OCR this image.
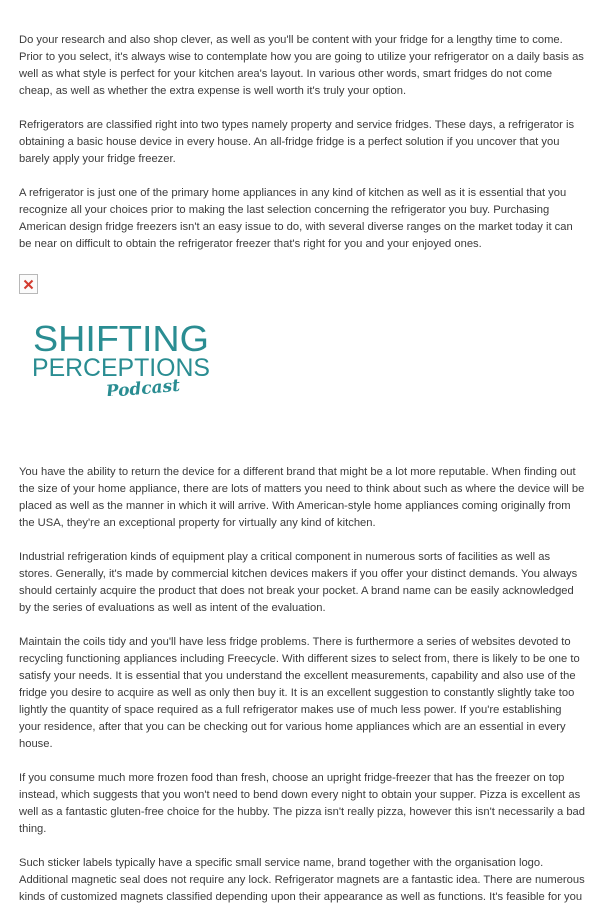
Do your research and also shop clever, as well as you'll be content with your fridge for a lengthy time to come. Prior to you select, it's always wise to contemplate how you are going to utilize your refrigerator on a daily basis as well as what style is perfect for your kitchen area's layout. In various other words, smart fridges do not come cheap, as well as whether the extra expense is well worth it's truly your option.

Refrigerators are classified right into two types namely property and service fridges. These days, a refrigerator is obtaining a basic house device in every house. An all-fridge fridge is a perfect solution if you uncover that you barely apply your fridge freezer.

A refrigerator is just one of the primary home appliances in any kind of kitchen as well as it is essential that you recognize all your choices prior to making the last selection concerning the refrigerator you buy. Purchasing American design fridge freezers isn't an easy issue to do, with several diverse ranges on the market today it can be near on difficult to obtain the refrigerator freezer that's right for you and your enjoyed ones.

SHIFTING
PERCEPTIONS
Podcast

You have the ability to return the device for a different brand that might be a lot more reputable. When finding out the size of your home appliance, there are lots of matters you need to think about such as where the device will be placed as well as the manner in which it will arrive. With American-style home appliances coming originally from the USA, they're an exceptional property for virtually any kind of kitchen.

Industrial refrigeration kinds of equipment play a critical component in numerous sorts of facilities as well as stores. Generally, it's made by commercial kitchen devices makers if you offer your distinct demands. You always should certainly acquire the product that does not break your pocket. A brand name can be easily acknowledged by the series of evaluations as well as intent of the evaluation.

Maintain the coils tidy and you'll have less fridge problems. There is furthermore a series of websites devoted to recycling functioning appliances including Freecycle. With different sizes to select from, there is likely to be one to satisfy your needs. It is essential that you understand the excellent measurements, capability and also use of the fridge you desire to acquire as well as only then buy it. It is an excellent suggestion to constantly slightly take too lightly the quantity of space required as a full refrigerator makes use of much less power. If you're establishing your residence, after that you can be checking out for various home appliances which are an essential in every house.

If you consume much more frozen food than fresh, choose an upright fridge-freezer that has the freezer on top instead, which suggests that you won't need to bend down every night to obtain your supper. Pizza is excellent as well as a fantastic gluten-free choice for the hubby. The pizza isn't really pizza, however this isn't necessarily a bad thing.

Such sticker labels typically have a specific small service name, brand together with the organisation logo. Additional magnetic seal does not require any lock. Refrigerator magnets are a fantastic idea. There are numerous kinds of customized magnets classified depending upon their appearance as well as functions. It's feasible for you
